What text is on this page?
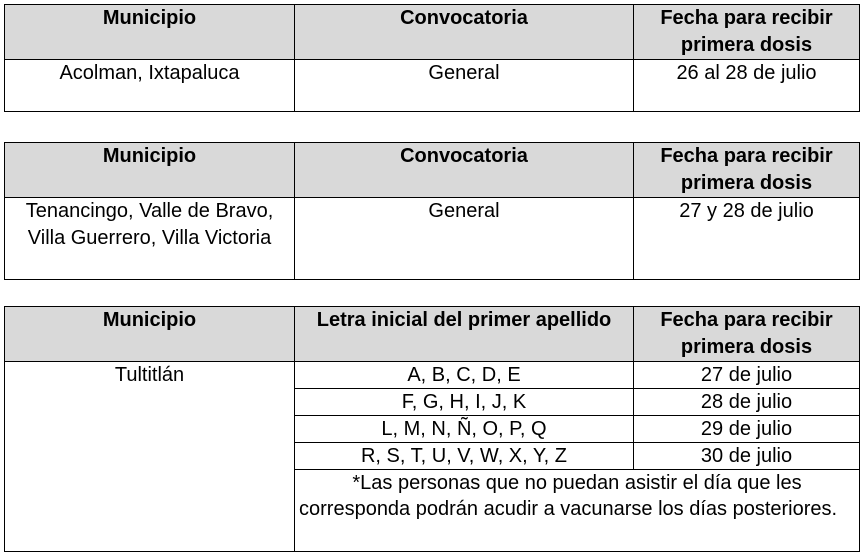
Municipio	Convocatoria	Fecha para recibir primera dosis
Acolman, Ixtapaluca	General	26 al 28 de julio
Municipio	Convocatoria	Fecha para recibir primera dosis
Tenancingo, Valle de Bravo, Villa Guerrero, Villa Victoria	General	27 y 28 de julio
Municipio	Letra inicial del primer apellido	Fecha para recibir primera dosis
Tultitlán	A, B, C, D, E	27 de julio
	F, G, H, I, J, K	28 de julio
	L, M, N, Ñ, O, P, Q	29 de julio
	R, S, T, U, V, W, X, Y, Z	30 de julio
	*Las personas que no puedan asistir el día que les corresponda podrán acudir a vacunarse los días posteriores.	
